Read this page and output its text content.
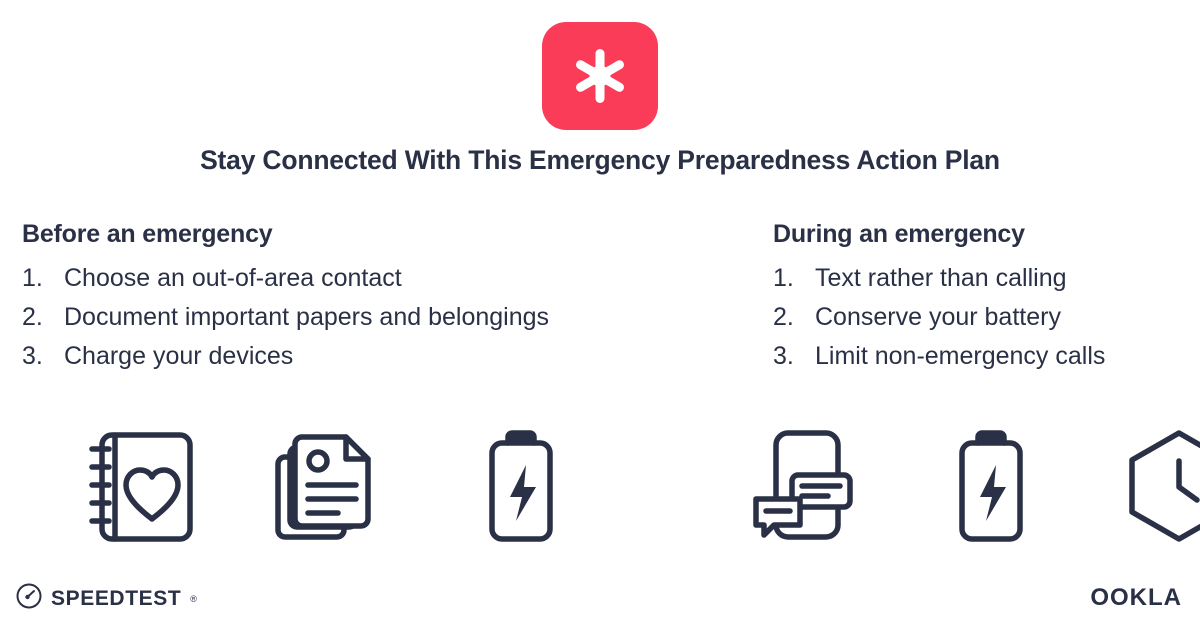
Stay Connected With This Emergency Preparedness Action Plan
Before an emergency
Choose an out-of-area contact
Document important papers and belongings
Charge your devices
During an emergency
Text rather than calling
Conserve your battery
Limit non-emergency calls
SPEEDTEST ®	OOKLA
